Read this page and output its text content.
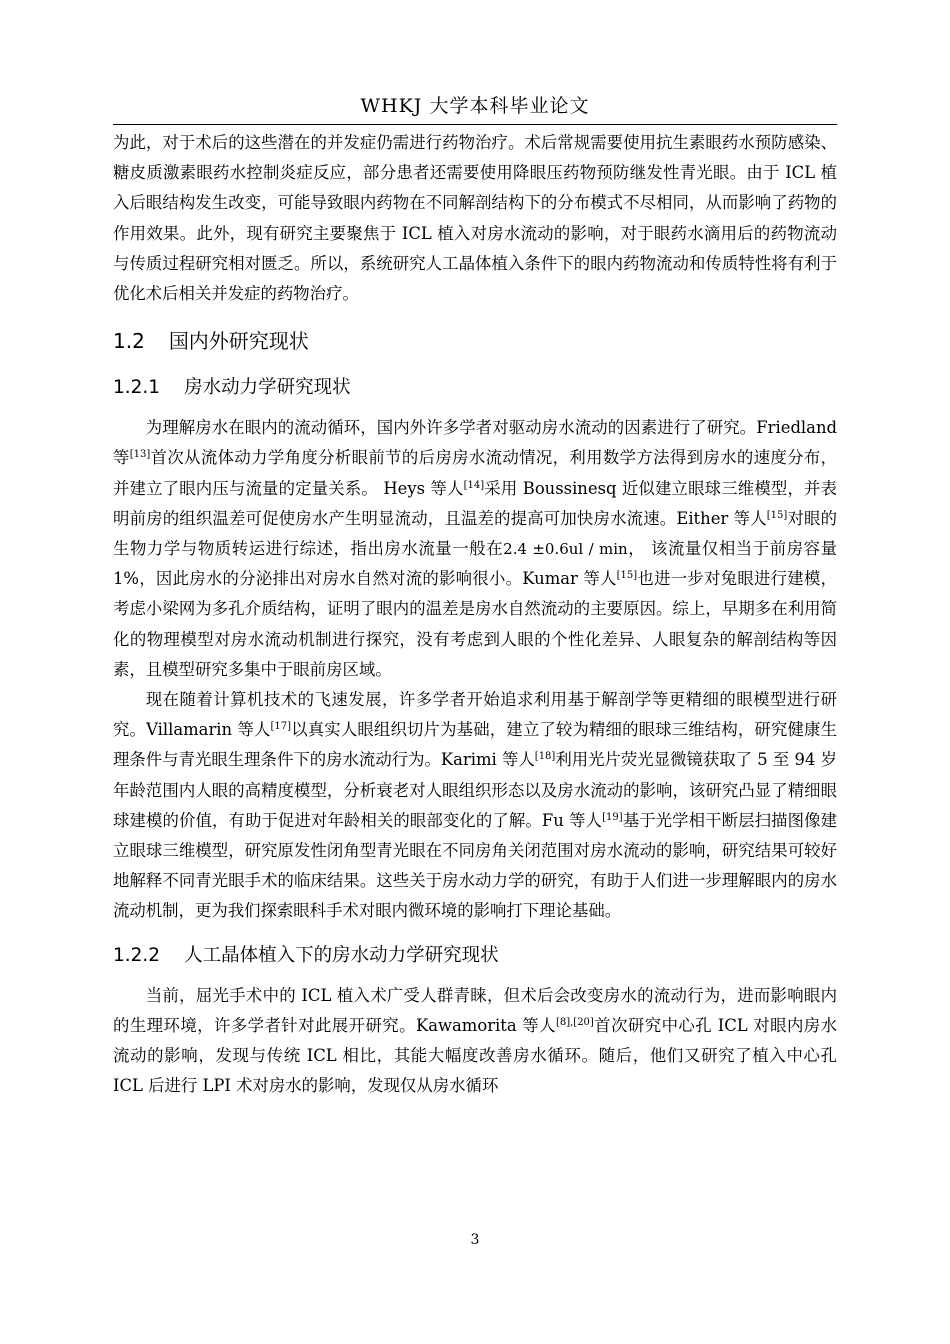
WHKJ 大学本科毕业论文

为此，对于术后的这些潜在的并发症仍需进行药物治疗。术后常规需要使用抗生素眼药水预防感染、糖皮质激素眼药水控制炎症反应，部分患者还需要使用降眼压药物预防继发性青光眼。由于 ICL 植入后眼结构发生改变，可能导致眼内药物在不同解剖结构下的分布模式不尽相同，从而影响了药物的作用效果。此外，现有研究主要聚焦于 ICL 植入对房水流动的影响，对于眼药水滴用后的药物流动与传质过程研究相对匮乏。所以，系统研究人工晶体植入条件下的眼内药物流动和传质特性将有利于优化术后相关并发症的药物治疗。

1.2 国内外研究现状
1.2.1 房水动力学研究现状

为理解房水在眼内的流动循环，国内外许多学者对驱动房水流动的因素进行了研究。Friedland 等[13]首次从流体动力学角度分析眼前节的后房房水流动情况，利用数学方法得到房水的速度分布，并建立了眼内压与流量的定量关系。 Heys 等人[14]采用 Boussinesq 近似建立眼球三维模型，并表明前房的组织温差可促使房水产生明显流动，且温差的提高可加快房水流速。Either 等人[15]对眼的生物力学与物质转运进行综述，指出房水流量一般在2.4 ±0.6ul / min， 该流量仅相当于前房容量 1%，因此房水的分泌排出对房水自然对流的影响很小。Kumar 等人[15]也进一步对兔眼进行建模，考虑小梁网为多孔介质结构，证明了眼内的温差是房水自然流动的主要原因。综上，早期多在利用简化的物理模型对房水流动机制进行探究，没有考虑到人眼的个性化差异、人眼复杂的解剖结构等因素，且模型研究多集中于眼前房区域。

现在随着计算机技术的飞速发展，许多学者开始追求利用基于解剖学等更精细的眼模型进行研究。Villamarin 等人[17]以真实人眼组织切片为基础，建立了较为精细的眼球三维结构，研究健康生理条件与青光眼生理条件下的房水流动行为。Karimi 等人[18]利用光片荧光显微镜获取了 5 至 94 岁年龄范围内人眼的高精度模型，分析衰老对人眼组织形态以及房水流动的影响，该研究凸显了精细眼球建模的价值，有助于促进对年龄相关的眼部变化的了解。Fu 等人[19]基于光学相干断层扫描图像建立眼球三维模型，研究原发性闭角型青光眼在不同房角关闭范围对房水流动的影响，研究结果可较好地解释不同青光眼手术的临床结果。这些关于房水动力学的研究，有助于人们进一步理解眼内的房水流动机制，更为我们探索眼科手术对眼内微环境的影响打下理论基础。

1.2.2 人工晶体植入下的房水动力学研究现状

当前，屈光手术中的 ICL 植入术广受人群青睐，但术后会改变房水的流动行为，进而影响眼内的生理环境，许多学者针对此展开研究。Kawamorita 等人[8],[20]首次研究中心孔 ICL 对眼内房水流动的影响，发现与传统 ICL 相比，其能大幅度改善房水循环。随后，他们又研究了植入中心孔 ICL 后进行 LPI 术对房水的影响，发现仅从房水循环

3
